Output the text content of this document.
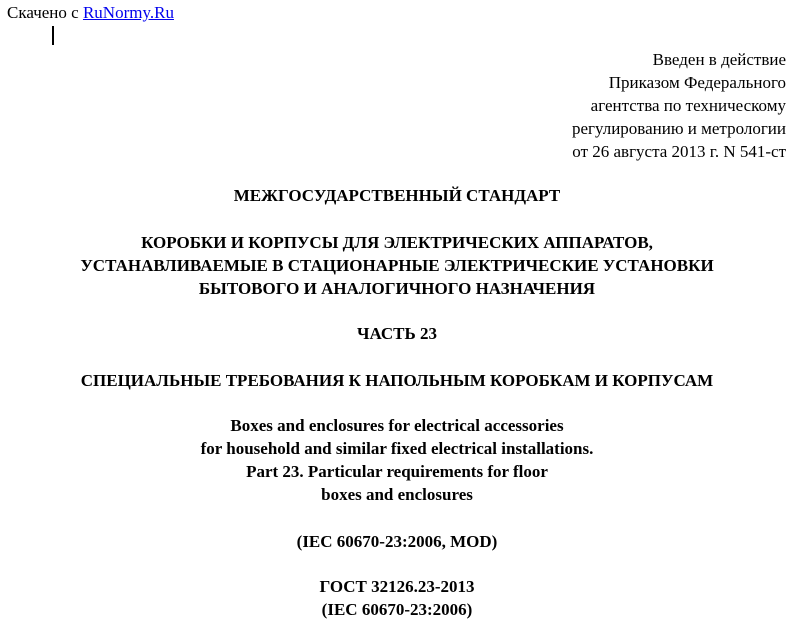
Скачено с RuNormy.Ru
Введен в действие
Приказом Федерального
агентства по техническому
регулированию и метрологии
от 26 августа 2013 г. N 541-ст
МЕЖГОСУДАРСТВЕННЫЙ СТАНДАРТ
КОРОБКИ И КОРПУСЫ ДЛЯ ЭЛЕКТРИЧЕСКИХ АППАРАТОВ,
УСТАНАВЛИВАЕМЫЕ В СТАЦИОНАРНЫЕ ЭЛЕКТРИЧЕСКИЕ УСТАНОВКИ
БЫТОВОГО И АНАЛОГИЧНОГО НАЗНАЧЕНИЯ
ЧАСТЬ 23
СПЕЦИАЛЬНЫЕ ТРЕБОВАНИЯ К НАПОЛЬНЫМ КОРОБКАМ И КОРПУСАМ
Boxes and enclosures for electrical accessories
for household and similar fixed electrical installations.
Part 23. Particular requirements for floor
boxes and enclosures
(IEC 60670-23:2006, MOD)
ГОСТ 32126.23-2013
(IEC 60670-23:2006)
